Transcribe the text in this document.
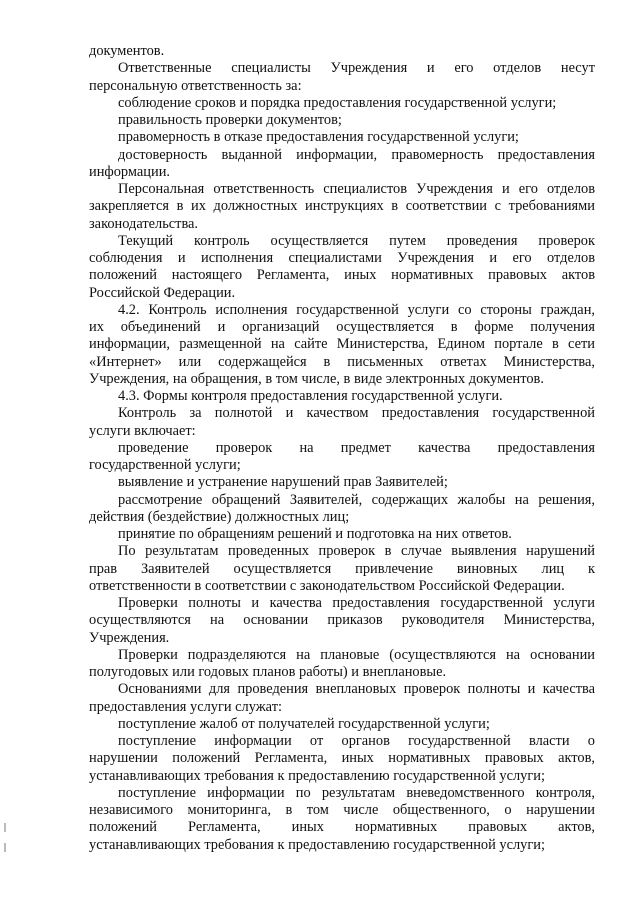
документов.
Ответственные специалисты Учреждения и его отделов несут
персональную ответственность за:
соблюдение сроков и порядка предоставления государственной услуги;
правильность проверки документов;
правомерность в отказе предоставления государственной услуги;
достоверность выданной информации, правомерность предоставления
информации.
Персональная ответственность специалистов Учреждения и его отделов
закрепляется в их должностных инструкциях в соответствии с требованиями
законодательства.
Текущий контроль осуществляется путем проведения проверок
соблюдения и исполнения специалистами Учреждения и его отделов
положений настоящего Регламента, иных нормативных правовых актов
Российской Федерации.
4.2. Контроль исполнения государственной услуги со стороны граждан,
их объединений и организаций осуществляется в форме получения
информации, размещенной на сайте Министерства, Едином портале в сети
«Интернет» или содержащейся в письменных ответах Министерства,
Учреждения, на обращения, в том числе, в виде электронных документов.
4.3. Формы контроля предоставления государственной услуги.
Контроль за полнотой и качеством предоставления государственной
услуги включает:
проведение проверок на предмет качества предоставления
государственной услуги;
выявление и устранение нарушений прав Заявителей;
рассмотрение обращений Заявителей, содержащих жалобы на решения,
действия (бездействие) должностных лиц;
принятие по обращениям решений и подготовка на них ответов.
По результатам проведенных проверок в случае выявления нарушений
прав Заявителей осуществляется привлечение виновных лиц к
ответственности в соответствии с законодательством Российской Федерации.
Проверки полноты и качества предоставления государственной услуги
осуществляются на основании приказов руководителя Министерства,
Учреждения.
Проверки подразделяются на плановые (осуществляются на основании
полугодовых или годовых планов работы) и внеплановые.
Основаниями для проведения внеплановых проверок полноты и качества
предоставления услуги служат:
поступление жалоб от получателей государственной услуги;
поступление информации от органов государственной власти о
нарушении положений Регламента, иных нормативных правовых актов,
устанавливающих требования к предоставлению государственной услуги;
поступление информации по результатам вневедомственного контроля,
независимого мониторинга, в том числе общественного, о нарушении
положений Регламента, иных нормативных правовых актов,
устанавливающих требования к предоставлению государственной услуги;
